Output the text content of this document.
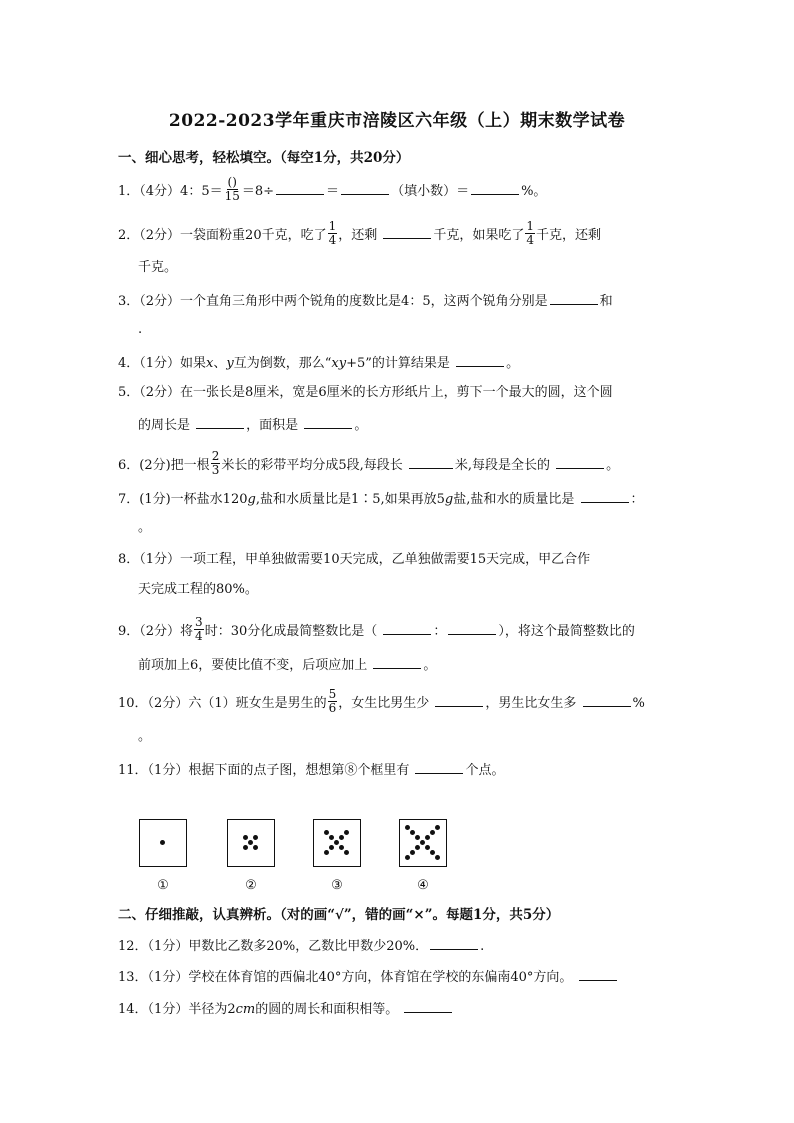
2022-2023学年重庆市涪陵区六年级（上）期末数学试卷
一、细心思考，轻松填空。（每空1分，共20分）
1．（4分）4：$5= \frac{()}{15} =8\div$	＝	（填小数）＝	%。
2．（2分）一袋面粉重20千克，吃了 $\frac{1}{4}$ ，还剩	千克，如果吃了 $\frac{1}{4}$ 千克，还剩
千克。
3．（2分）一个直角三角形中两个锐角的度数比是4：5，这两个锐角分别是	和
.
4．（1分）如果x、y互为倒数，那么“xy+5”的计算结果是	。
5．（2分）在一张长是8厘米，宽是6厘米的长方形纸片上，剪下一个最大的圆，这个圆
的周长是	，面积是	。
6．(2分)把一根 $\frac{2}{3}$ 米长的彩带平均分成5段,每段长	米,每段是全长的	。
7．(1分)一杯盐水120g,盐和水质量比是1∶5,如果再放5g盐,盐和水的质量比是	：
。
8．（1分）一项工程，甲单独做需要10天完成，乙单独做需要15天完成，甲乙合作
天完成工程的80%。
9．（2分）将 $\frac{3}{4}$ 时：30分化成最简整数比是（	：	），将这个最简整数比的
前项加上6，要使比值不变，后项应加上	。
10．（2分）六（1）班女生是男生的 $\frac{5}{6}$ ，女生比男生少	，男生比女生多	%
。
11．（1分）根据下面的点子图，想想第⑧个框里有	个点。
①	②	③	④
二、仔细推敲，认真辨析。（对的画“√”，错的画“×”。每题1分，共5分）
12．（1分）甲数比乙数多20%，乙数比甲数少20%．	.
13．（1分）学校在体育馆的西偏北40°方向，体育馆在学校的东偏南40°方向。
14．（1分）半径为2cm的圆的周长和面积相等。
